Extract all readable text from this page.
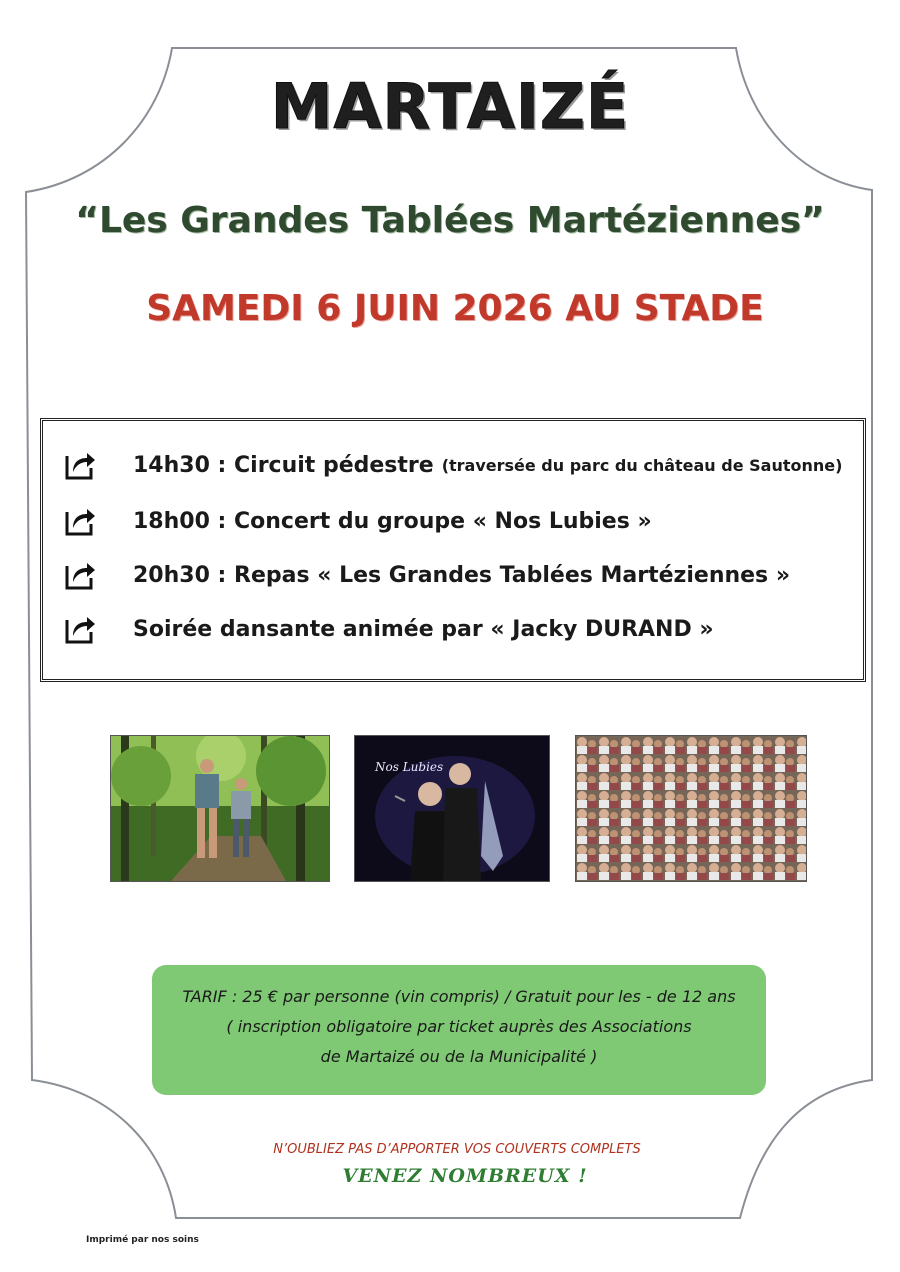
MARTAIZÉ
“Les Grandes Tablées Martéziennes”
SAMEDI 6 JUIN 2026 AU STADE
14h30 : Circuit pédestre (traversée du parc du château de Sautonne)
18h00 : Concert du groupe « Nos Lubies »
20h30 : Repas « Les Grandes Tablées Martéziennes »
Soirée dansante animée par « Jacky DURAND »
Nos Lubies
TARIF : 25 € par personne (vin compris) / Gratuit pour les - de 12 ans
( inscription obligatoire par ticket auprès des Associations
de Martaizé ou de la Municipalité )
N’OUBLIEZ PAS D’APPORTER VOS COUVERTS COMPLETS
VENEZ NOMBREUX !
Imprimé par nos soins
